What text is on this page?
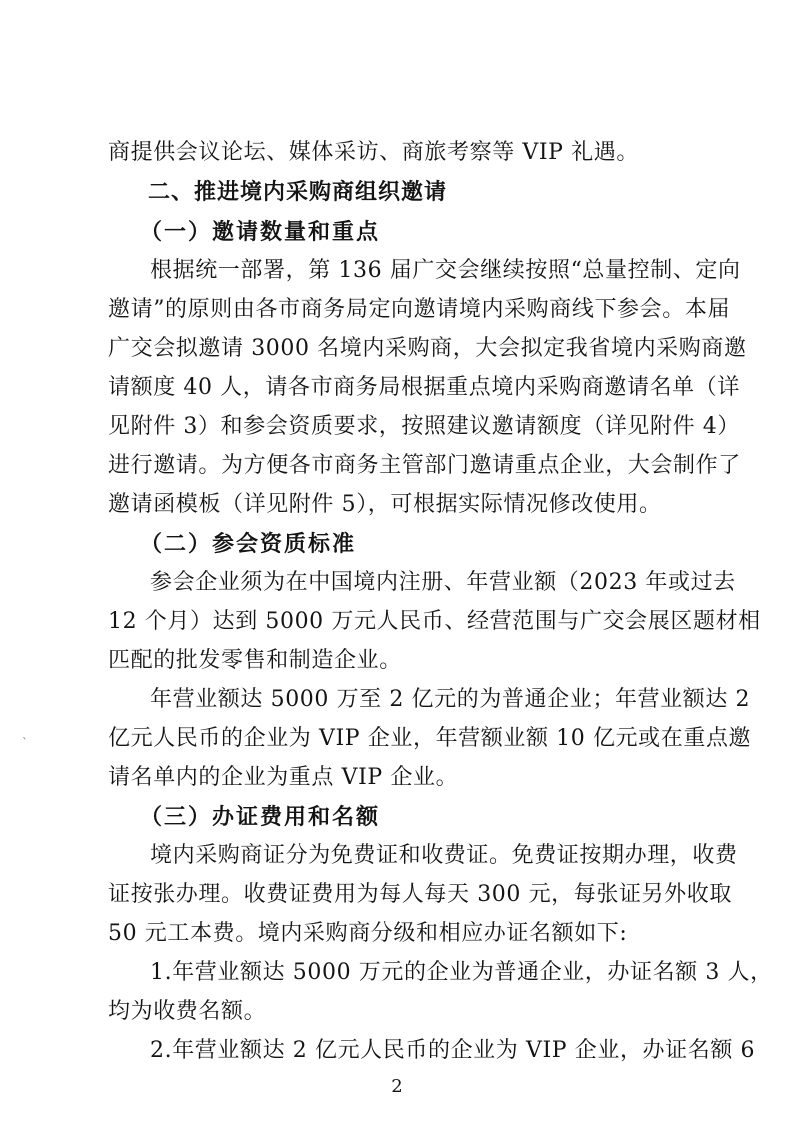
商提供会议论坛、媒体采访、商旅考察等 VIP 礼遇。
二、推进境内采购商组织邀请
（一）邀请数量和重点
根据统一部署，第 136 届广交会继续按照“总量控制、定向
邀请”的原则由各市商务局定向邀请境内采购商线下参会。本届
广交会拟邀请 3000 名境内采购商，大会拟定我省境内采购商邀
请额度 40 人，请各市商务局根据重点境内采购商邀请名单（详
见附件 3）和参会资质要求，按照建议邀请额度（详见附件 4）
进行邀请。为方便各市商务主管部门邀请重点企业，大会制作了
邀请函模板（详见附件 5），可根据实际情况修改使用。
（二）参会资质标准
参会企业须为在中国境内注册、年营业额（2023 年或过去
12 个月）达到 5000 万元人民币、经营范围与广交会展区题材相
匹配的批发零售和制造企业。
年营业额达 5000 万至 2 亿元的为普通企业；年营业额达 2
亿元人民币的企业为 VIP 企业，年营额业额 10 亿元或在重点邀
请名单内的企业为重点 VIP 企业。
（三）办证费用和名额
境内采购商证分为免费证和收费证。免费证按期办理，收费
证按张办理。收费证费用为每人每天 300 元，每张证另外收取
50 元工本费。境内采购商分级和相应办证名额如下:
1.年营业额达 5000 万元的企业为普通企业，办证名额 3 人，
均为收费名额。
2.年营业额达 2 亿元人民币的企业为 VIP 企业，办证名额 6
`
2
